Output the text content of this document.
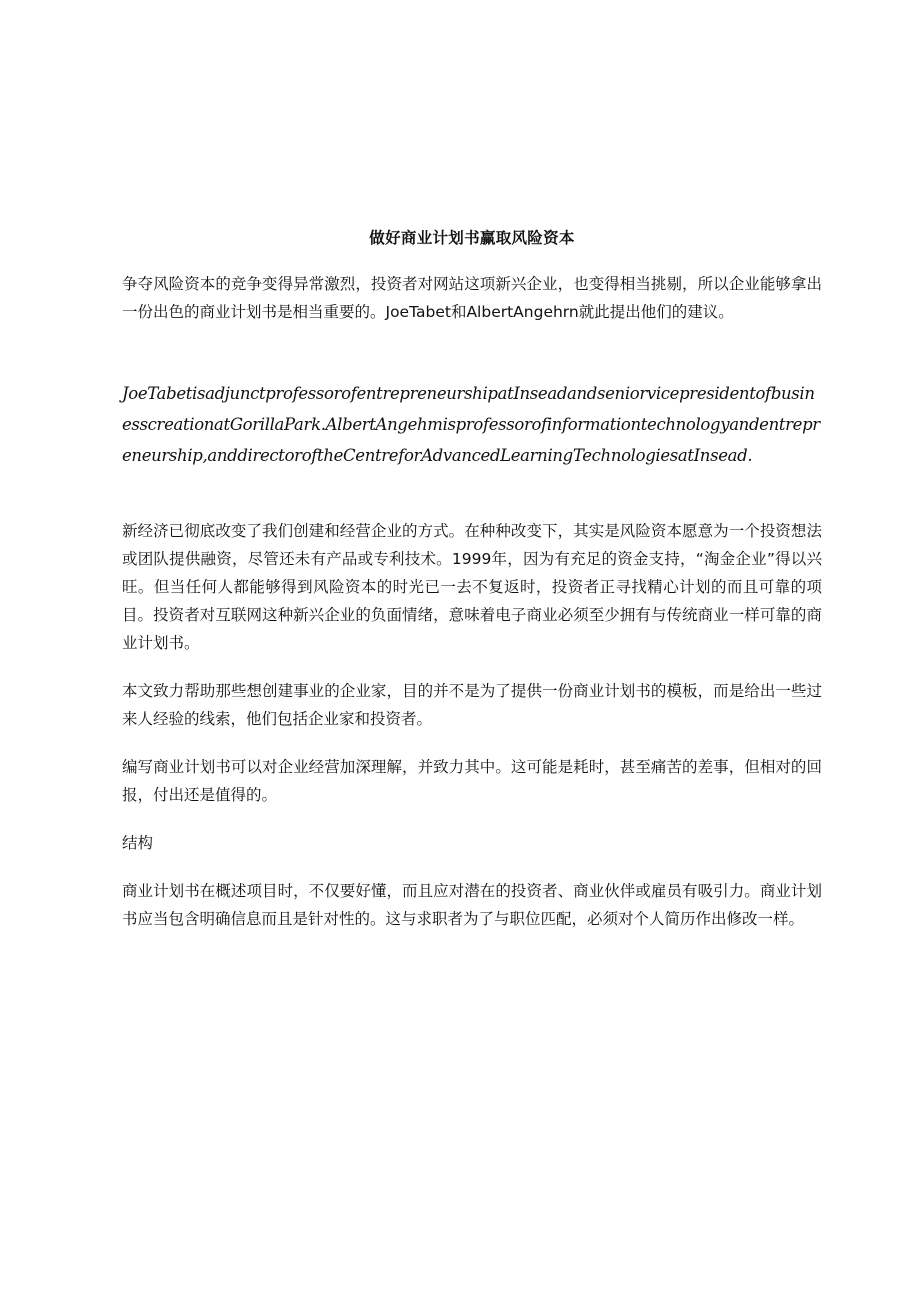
做好商业计划书赢取风险资本

争夺风险资本的竞争变得异常激烈，投资者对网站这项新兴企业，也变得相当挑剔，所以企业能够拿出一份出色的商业计划书是相当重要的。JoeTabet和AlbertAngehrn就此提出他们的建议。

JoeTabetisadjunctprofessorofentrepreneurshipatInseadandseniorvicepresidentofbusinesscreationatGorillaPark.AlbertAngehmisprofessorofinformationtechnologyandentrepreneurship,anddirectoroftheCentreforAdvancedLearningTechnologiesatInsead.

新经济已彻底改变了我们创建和经营企业的方式。在种种改变下，其实是风险资本愿意为一个投资想法或团队提供融资，尽管还未有产品或专利技术。1999年，因为有充足的资金支持，“淘金企业”得以兴旺。但当任何人都能够得到风险资本的时光已一去不复返时，投资者正寻找精心计划的而且可靠的项目。投资者对互联网这种新兴企业的负面情绪，意味着电子商业必须至少拥有与传统商业一样可靠的商业计划书。

本文致力帮助那些想创建事业的企业家，目的并不是为了提供一份商业计划书的模板，而是给出一些过来人经验的线索，他们包括企业家和投资者。

编写商业计划书可以对企业经营加深理解，并致力其中。这可能是耗时，甚至痛苦的差事，但相对的回报，付出还是值得的。

结构

商业计划书在概述项目时，不仅要好懂，而且应对潜在的投资者、商业伙伴或雇员有吸引力。商业计划书应当包含明确信息而且是针对性的。这与求职者为了与职位匹配，必须对个人简历作出修改一样。
